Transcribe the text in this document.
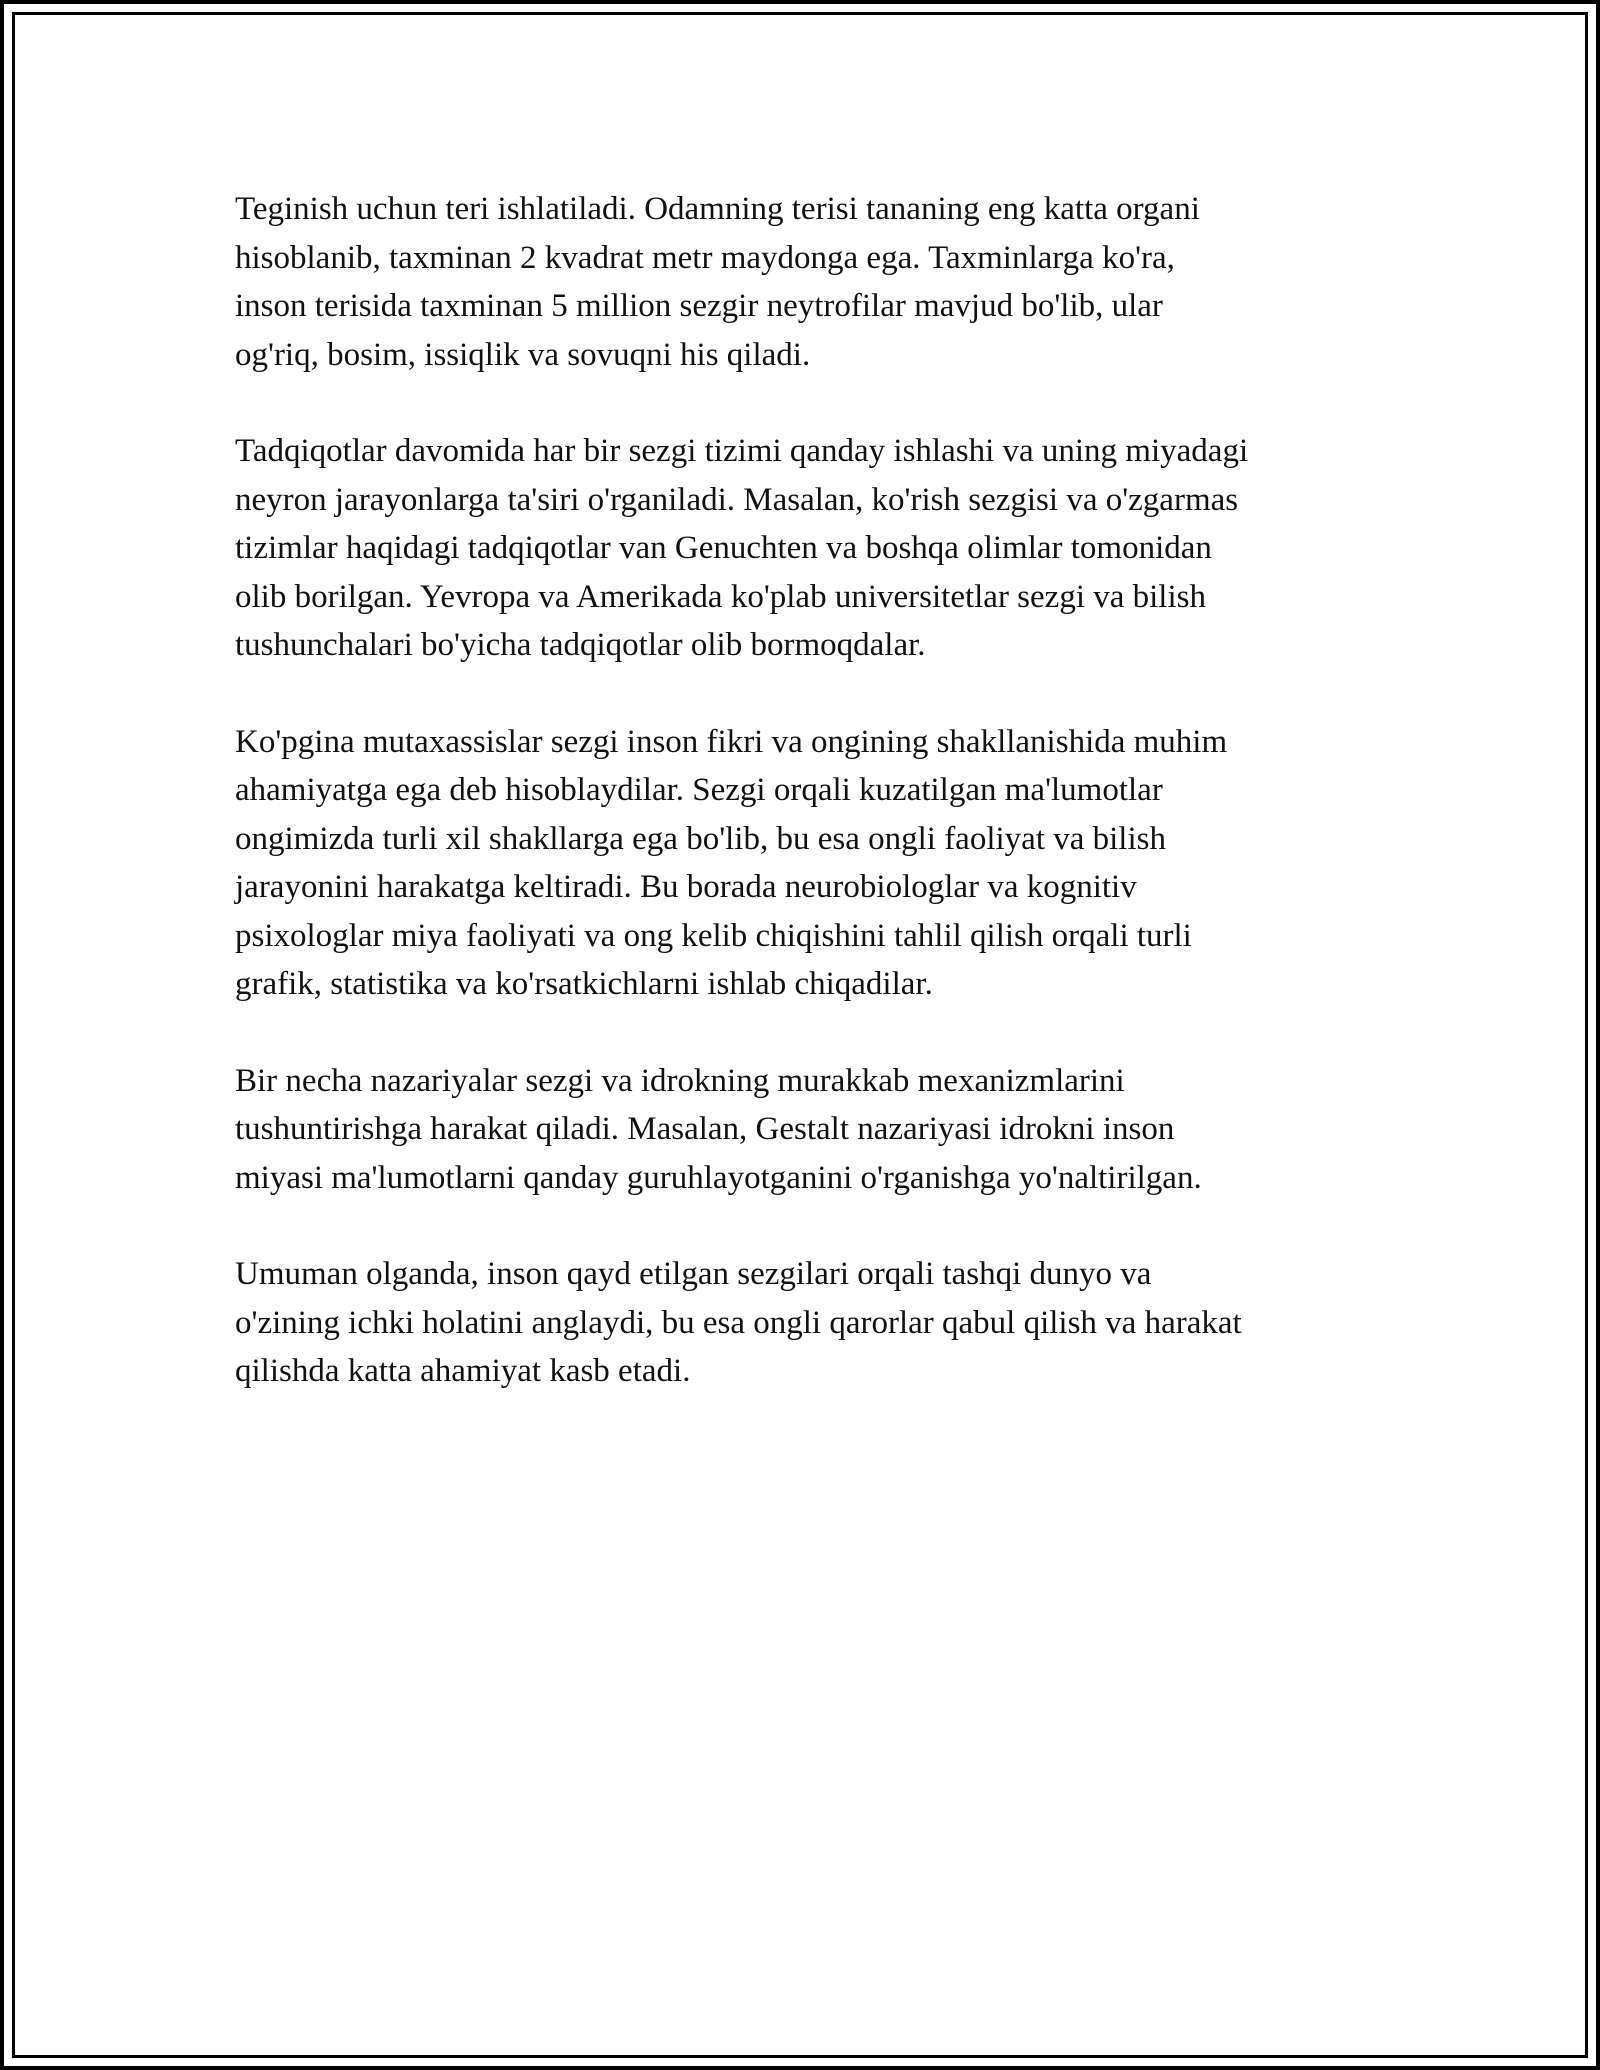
Teginish uchun teri ishlatiladi. Odamning terisi tananing eng katta organi
hisoblanib, taxminan 2 kvadrat metr maydonga ega. Taxminlarga ko'ra,
inson terisida taxminan 5 million sezgir neytrofilar mavjud bo'lib, ular
og'riq, bosim, issiqlik va sovuqni his qiladi.

Tadqiqotlar davomida har bir sezgi tizimi qanday ishlashi va uning miyadagi
neyron jarayonlarga ta'siri o'rganiladi. Masalan, ko'rish sezgisi va o'zgarmas
tizimlar haqidagi tadqiqotlar van Genuchten va boshqa olimlar tomonidan
olib borilgan. Yevropa va Amerikada ko'plab universitetlar sezgi va bilish
tushunchalari bo'yicha tadqiqotlar olib bormoqdalar.

Ko'pgina mutaxassislar sezgi inson fikri va ongining shakllanishida muhim
ahamiyatga ega deb hisoblaydilar. Sezgi orqali kuzatilgan ma'lumotlar
ongimizda turli xil shakllarga ega bo'lib, bu esa ongli faoliyat va bilish
jarayonini harakatga keltiradi. Bu borada neurobiologlar va kognitiv
psixologlar miya faoliyati va ong kelib chiqishini tahlil qilish orqali turli
grafik, statistika va ko'rsatkichlarni ishlab chiqadilar.

Bir necha nazariyalar sezgi va idrokning murakkab mexanizmlarini
tushuntirishga harakat qiladi. Masalan, Gestalt nazariyasi idrokni inson
miyasi ma'lumotlarni qanday guruhlayotganini o'rganishga yo'naltirilgan.

Umuman olganda, inson qayd etilgan sezgilari orqali tashqi dunyo va
o'zining ichki holatini anglaydi, bu esa ongli qarorlar qabul qilish va harakat
qilishda katta ahamiyat kasb etadi.
